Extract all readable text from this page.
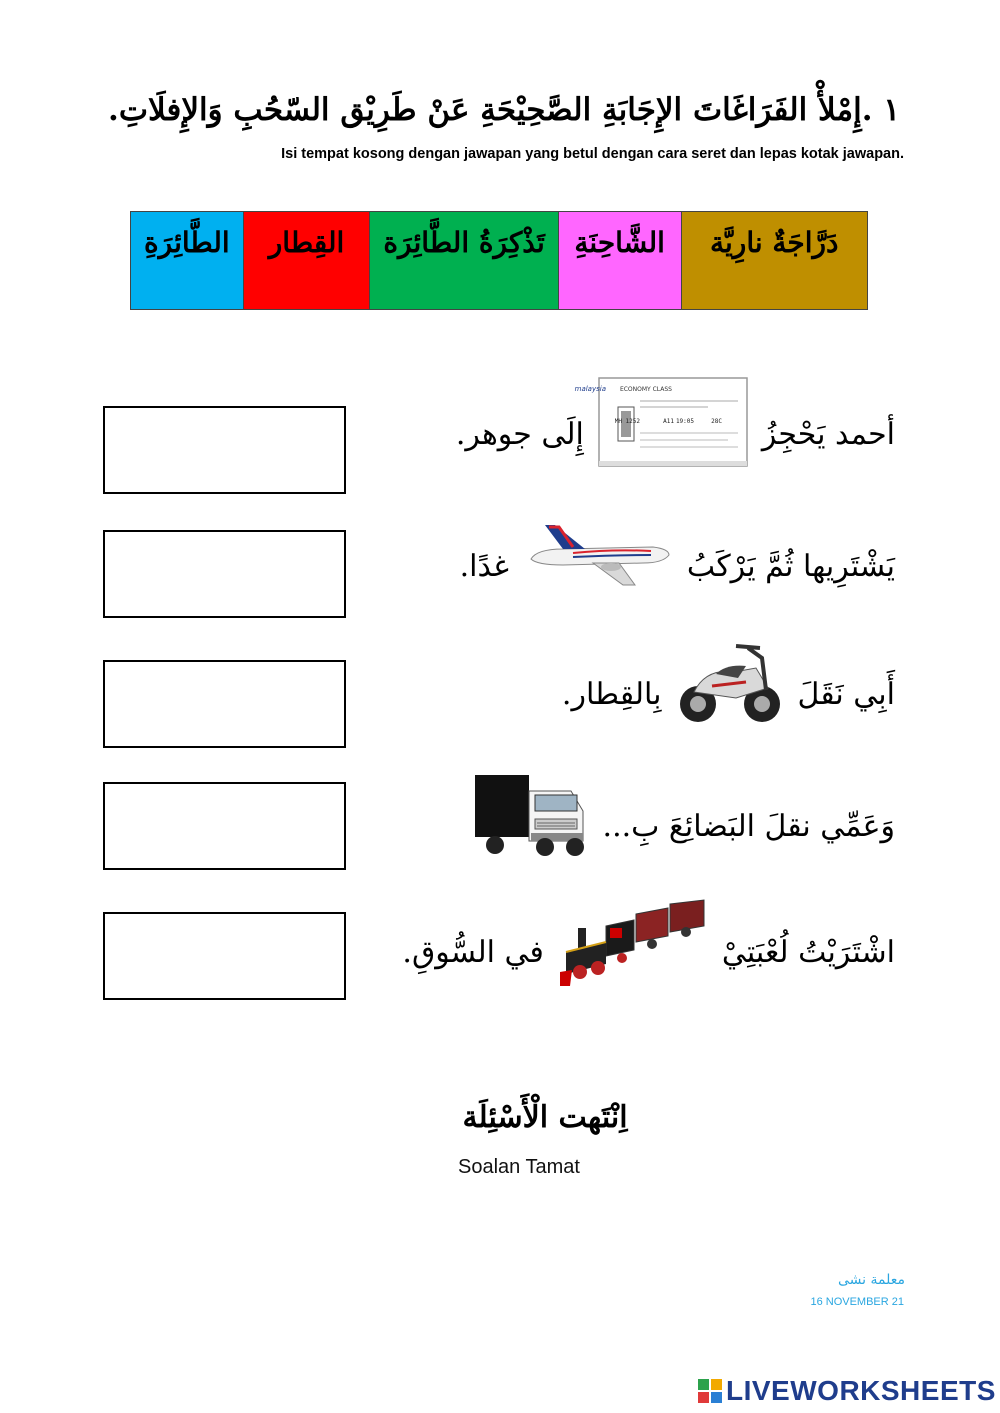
١ .إِمْلأْ الفَرَاغَاتَ الإِجَابَةِ الصَّحِيْحَةِ عَنْ طَرِيْق السّحُبِ وَالإِفلَاتِ.
Isi tempat kosong dengan jawapan yang betul dengan cara seret dan lepas kotak jawapan.
الطَّائِرَةِ	القِطار	تَذْكِرَةُ الطَّائِرَة	الشَّاحِنَةِ	دَرَّاجَةٌ نارِيَّة
أحمد يَحْجِزُ
malaysia ECONOMY CLASS
MH 1252	A11 19:05	28C
إِلَى جوهر.
يَشْتَرِيها ثُمَّ يَرْكَبُ
غدًا.
أَبِي نَقَلَ
بِالقِطار.
وَعَمِّي نقلَ البَضائِعَ بِ...
اشْتَرَيْتُ لُعْبَتِيْ
في السُّوقِ.
اِنْتَهت الْأَسْئِلَة
Soalan Tamat
معلمة نشى
16 NOVEMBER 21
LIVEWORKSHEETS
